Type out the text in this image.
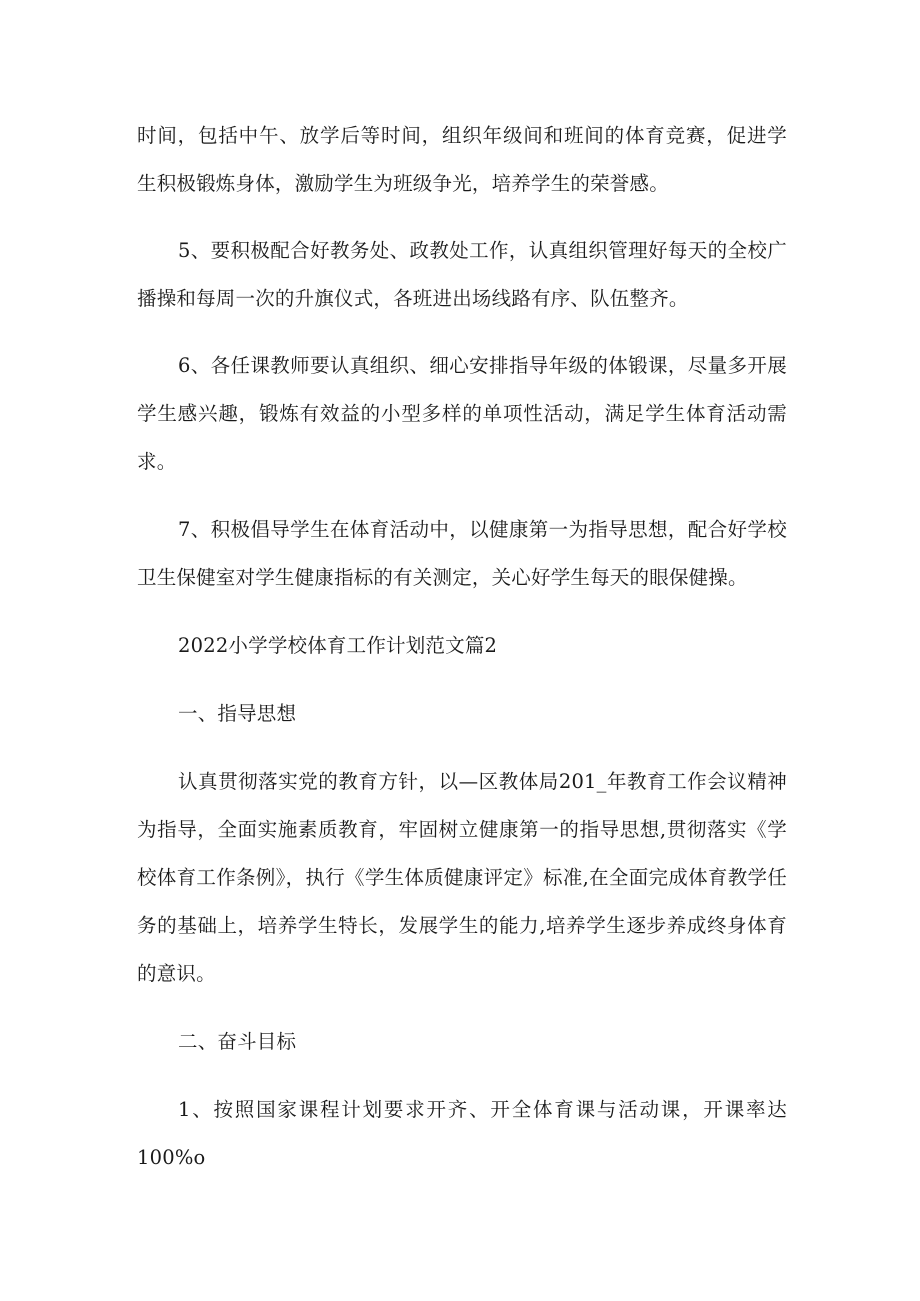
时间，包括中午、放学后等时间，组织年级间和班间的体育竞赛，促进学生积极锻炼身体，激励学生为班级争光，培养学生的荣誉感。

5、要积极配合好教务处、政教处工作，认真组织管理好每天的全校广播操和每周一次的升旗仪式，各班进出场线路有序、队伍整齐。

6、各任课教师要认真组织、细心安排指导年级的体锻课，尽量多开展学生感兴趣，锻炼有效益的小型多样的单项性活动，满足学生体育活动需求。

7、积极倡导学生在体育活动中，以健康第一为指导思想，配合好学校卫生保健室对学生健康指标的有关测定，关心好学生每天的眼保健操。

2022小学学校体育工作计划范文篇2

一、指导思想

认真贯彻落实党的教育方针，以—区教体局201_年教育工作会议精神为指导，全面实施素质教育，牢固树立健康第一的指导思想,贯彻落实《学校体育工作条例》，执行《学生体质健康评定》标准,在全面完成体育教学任务的基础上，培养学生特长，发展学生的能力,培养学生逐步养成终身体育的意识。

二、奋斗目标

1、按照国家课程计划要求开齐、开全体育课与活动课，开课率达100%o
